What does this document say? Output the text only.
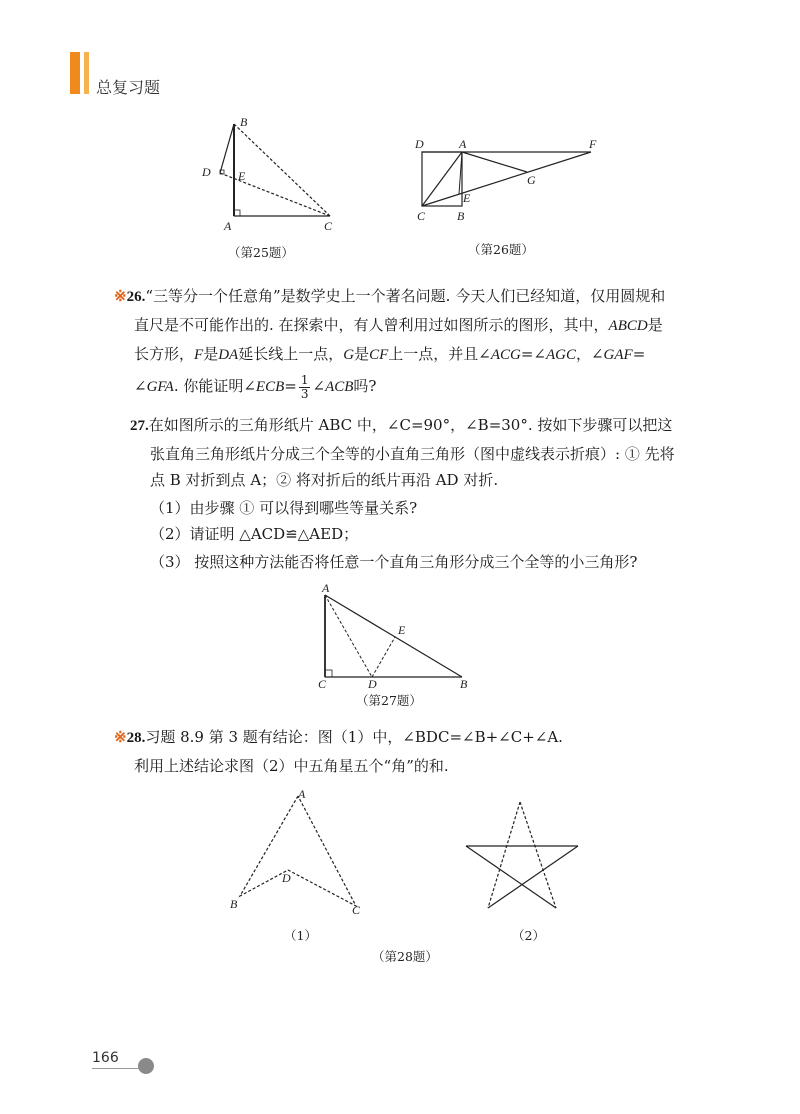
总复习题
B
D E
A	C
（第25题）
D	A	F
G
E
C	B
（第26题）
※26.“三等分一个任意角”是数学史上一个著名问题. 今天人们已经知道，仅用圆规和
直尺是不可能作出的. 在探索中，有人曾利用过如图所示的图形，其中，ABCD是
长方形，F是DA延长线上一点，G是CF上一点，并且∠ACG=∠AGC，∠GAF=
∠GFA. 你能证明∠ECB= $\frac{1}{3}$ ∠ACB吗?
27.在如图所示的三角形纸片 ABC 中，∠C=90°，∠B=30°. 按如下步骤可以把这
张直角三角形纸片分成三个全等的小直角三角形（图中虚线表示折痕）: ① 先将
点 B 对折到点 A；② 将对折后的纸片再沿 AD 对折.
（1）由步骤 ① 可以得到哪些等量关系?
（2）请证明 △ACD≌△AED；
（3） 按照这种方法能否将任意一个直角三角形分成三个全等的小三角形?
A
E
C	D	B
（第27题）
※28.习题 8.9 第 3 题有结论：图（1）中，∠BDC=∠B+∠C+∠A.
利用上述结论求图（2）中五角星五个“角”的和.
A
D
B	C
（1）	（2）
（第28题）
166
